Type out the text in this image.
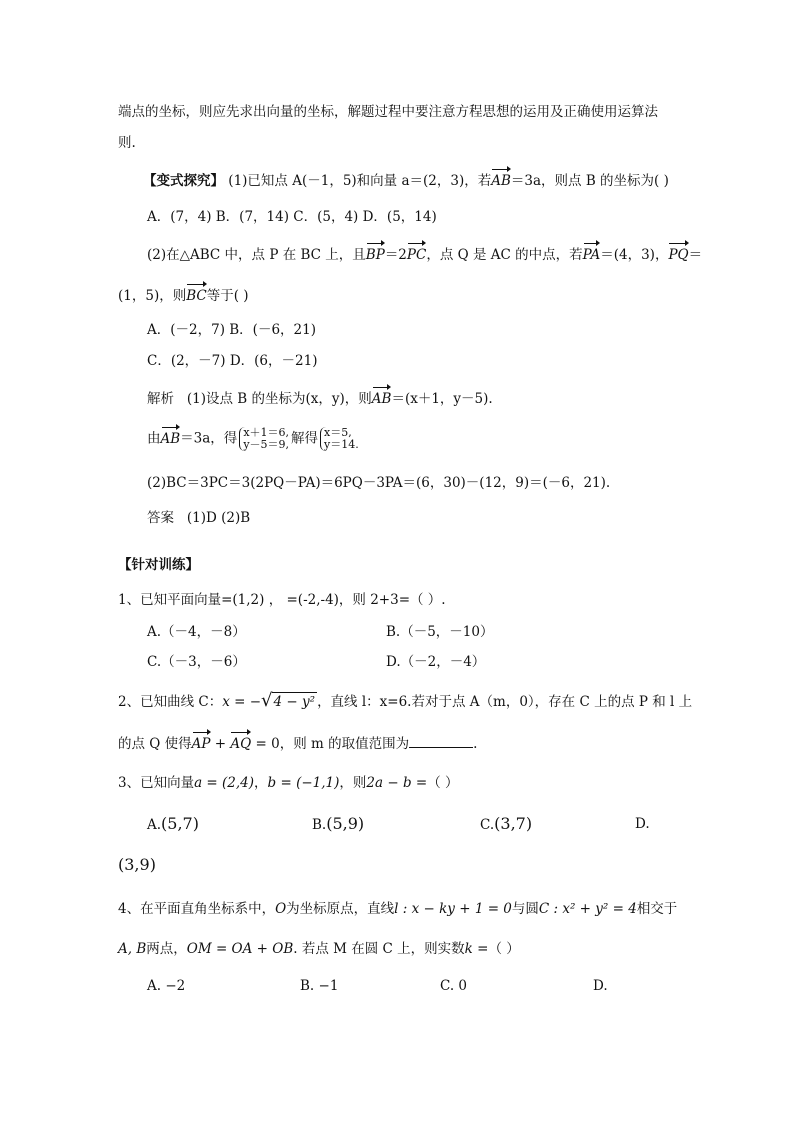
端点的坐标，则应先求出向量的坐标，解题过程中要注意方程思想的运用及正确使用运算法
则.
【变式探究】 (1)已知点 A(－1，5)和向量 a＝(2，3)，若AB＝3a，则点 B 的坐标为( )
A．(7，4) B．(7，14) C．(5，4) D．(5，14)
(2)在△ABC 中，点 P 在 BC 上，且BP＝2PC，点 Q 是 AC 的中点，若PA＝(4，3)，PQ＝
(1，5)，则BC等于( )
A．(－2，7) B．(－6，21)
C．(2，－7) D．(6，－21)
解析 (1)设点 B 的坐标为(x，y)，则AB＝(x＋1，y－5).
由AB＝3a，得 x＋1＝6,
y－5＝9, 解得 x＝5,
y＝14.
(2)BC＝3PC＝3(2PQ－PA)＝6PQ－3PA＝(6，30)－(12，9)＝(－6，21).
答案 (1)D (2)B
【针对训练】
1、已知平面向量=(1,2) ， =(-2,-4)，则 2+3=（ ）.
A.（－4，－8）	B.（－5，－10）
C.（－3，－6）	D.（－2，－4）
2、已知曲线 C：x = −√4 − y² ，直线 l：x=6.若对于点 A（m，0），存在 C 上的点 P 和 l 上
的点 Q 使得AP + AQ = 0，则 m 的取值范围为	.
3、已知向量a = (2,4)，b = (−1,1)，则2a − b =（ ）
A.(5,7)	B.(5,9)	C.(3,7)	D.
(3,9)
4、在平面直角坐标系中，O为坐标原点，直线l : x − ky + 1 = 0与圆C : x² + y² = 4相交于
A, B两点，OM = OA + OB. 若点 M 在圆 C 上，则实数k =（ ）
A. −2	B. −1	C. 0	D.
